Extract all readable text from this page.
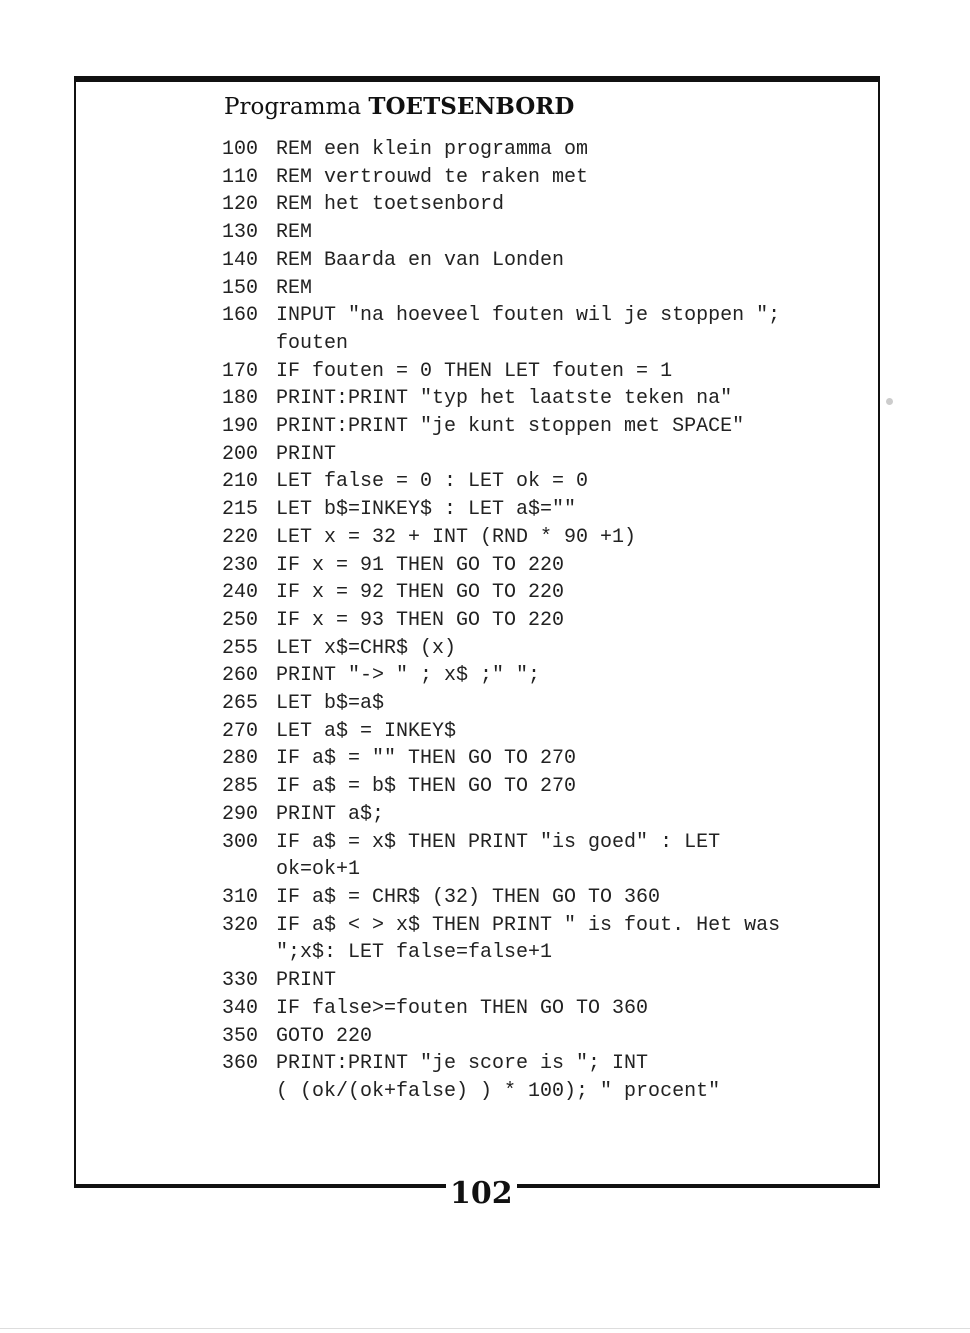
Programma TOETSENBORD
100 REM een klein programma om
110 REM vertrouwd te raken met
120 REM het toetsenbord
130 REM
140 REM Baarda en van Londen
150 REM
160 INPUT "na hoeveel fouten wil je stoppen ";
fouten
170 IF fouten = 0 THEN LET fouten = 1
180 PRINT:PRINT "typ het laatste teken na"
190 PRINT:PRINT "je kunt stoppen met SPACE"
200 PRINT
210 LET false = 0 : LET ok = 0
215 LET b$=INKEY$ : LET a$=""
220 LET x = 32 + INT (RND * 90 +1)
230 IF x = 91 THEN GO TO 220
240 IF x = 92 THEN GO TO 220
250 IF x = 93 THEN GO TO 220
255 LET x$=CHR$ (x)
260 PRINT "-> " ; x$ ;" ";
265 LET b$=a$
270 LET a$ = INKEY$
280 IF a$ = "" THEN GO TO 270
285 IF a$ = b$ THEN GO TO 270
290 PRINT a$;
300 IF a$ = x$ THEN PRINT "is goed" : LET
ok=ok+1
310 IF a$ = CHR$ (32) THEN GO TO 360
320 IF a$ < > x$ THEN PRINT " is fout. Het was
";x$: LET false=false+1
330 PRINT
340 IF false>=fouten THEN GO TO 360
350 GOTO 220
360 PRINT:PRINT "je score is "; INT
( (ok/(ok+false) ) * 100); " procent"
102
